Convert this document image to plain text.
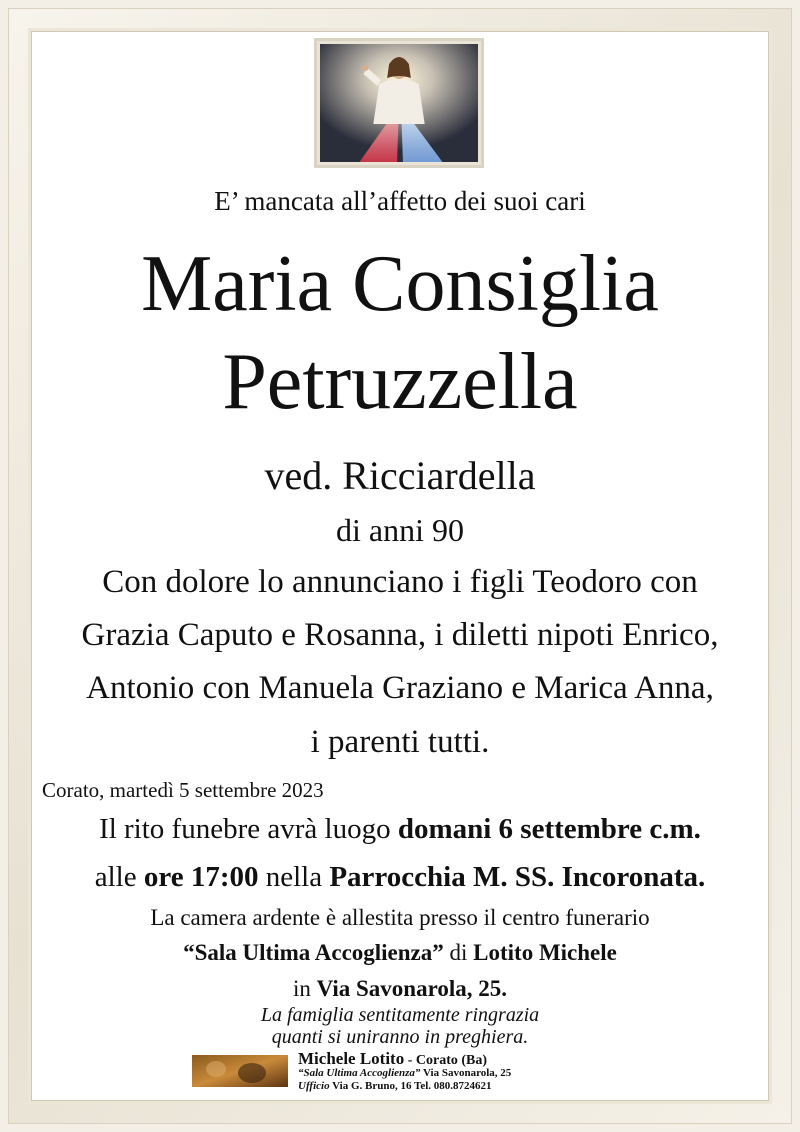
E’ mancata all’affetto dei suoi cari
Maria Consiglia
Petruzzella
ved. Ricciardella
di anni 90
Con dolore lo annunciano i figli Teodoro con
Grazia Caputo e Rosanna, i diletti nipoti Enrico,
Antonio con Manuela Graziano e Marica Anna,
i parenti tutti.
Corato, martedì 5 settembre 2023
Il rito funebre avrà luogo domani 6 settembre c.m.
alle ore 17:00 nella Parrocchia M. SS. Incoronata.
La camera ardente è allestita presso il centro funerario
“Sala Ultima Accoglienza” di Lotito Michele
in Via Savonarola, 25.
La famiglia sentitamente ringrazia
quanti si uniranno in preghiera.
Michele Lotito - Corato (Ba)
“Sala Ultima Accoglienza” Via Savonarola, 25
Ufficio Via G. Bruno, 16 Tel. 080.8724621
